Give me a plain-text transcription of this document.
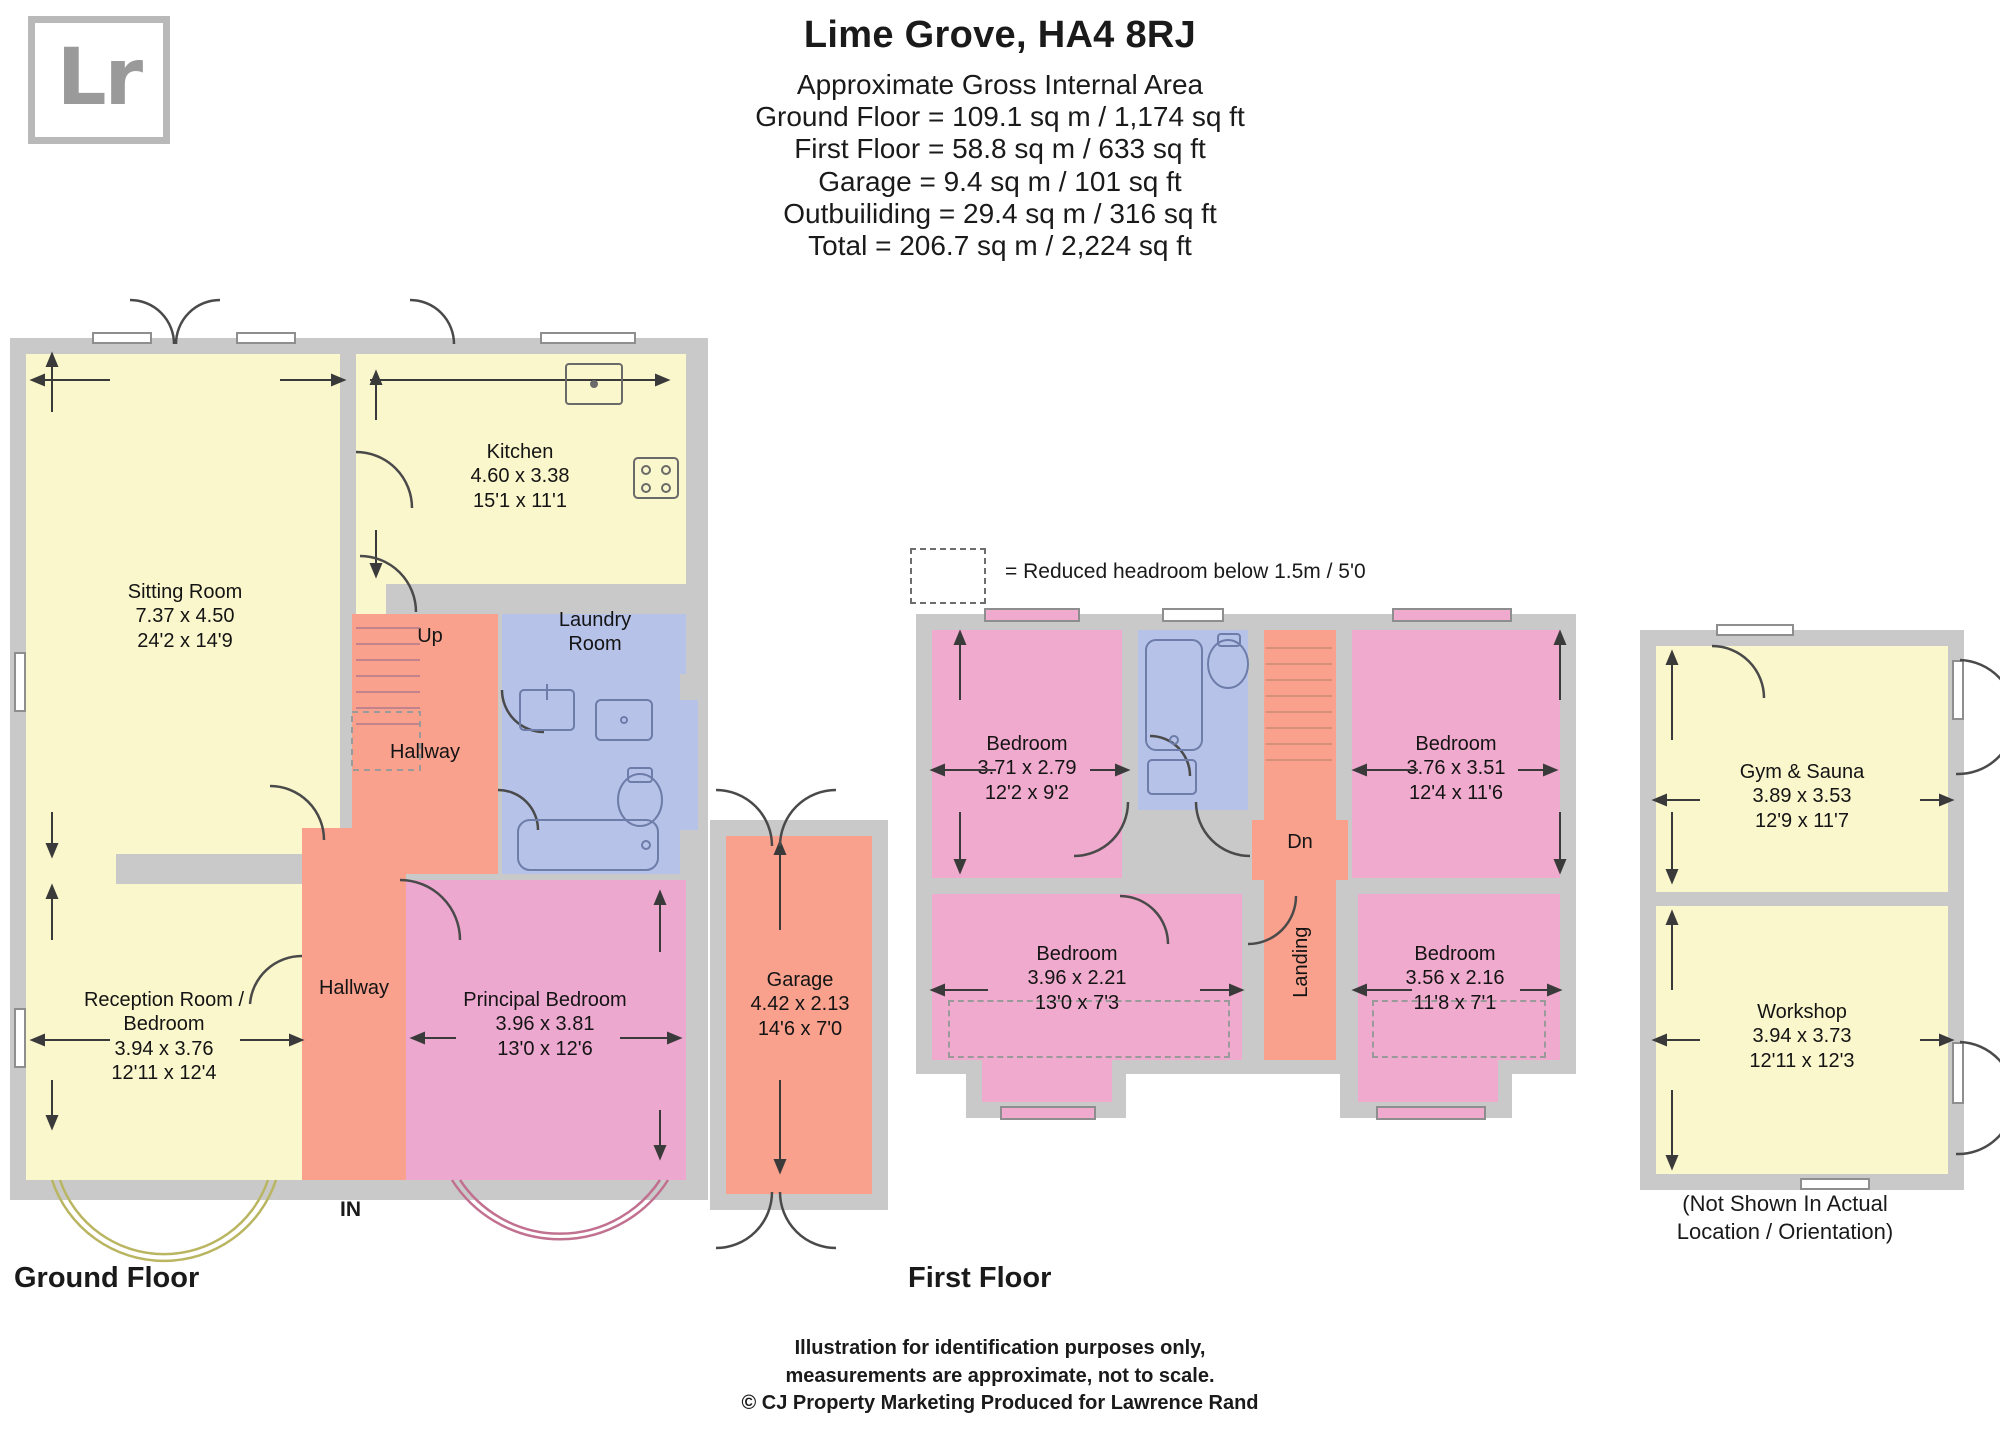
Lr	Lime Grove, HA4 8RJ
Approximate Gross Internal Area
Ground Floor = 109.1 sq m / 1,174 sq ft
First Floor = 58.8 sq m / 633 sq ft
Garage = 9.4 sq m / 101 sq ft
Outbuiliding = 29.4 sq m / 316 sq ft
Total = 206.7 sq m / 2,224 sq ft
= Reduced headroom below 1.5m / 5'0
Sitting Room
7.37 x 4.50
24'2 x 14'9
Kitchen
4.60 x 3.38
15'1 x 11'1
Laundry
Room
Hallway
Hallway
Up
Reception Room /
Bedroom
3.94 x 3.76
12'11 x 12'4
Principal Bedroom
3.96 x 3.81
13'0 x 12'6
Garage
4.42 x 2.13
14'6 x 7'0
IN
Bedroom
3.71 x 2.79
12'2 x 9'2
Bedroom
3.76 x 3.51
12'4 x 11'6
Bedroom
3.96 x 2.21
13'0 x 7'3
Bedroom
3.56 x 2.16
11'8 x 7'1
Dn
Landing
Gym & Sauna
3.89 x 3.53
12'9 x 11'7
Workshop
3.94 x 3.73
12'11 x 12'3
Ground Floor	First Floor
(Not Shown In Actual
Location / Orientation)
Illustration for identification purposes only,
measurements are approximate, not to scale.
© CJ Property Marketing Produced for Lawrence Rand
